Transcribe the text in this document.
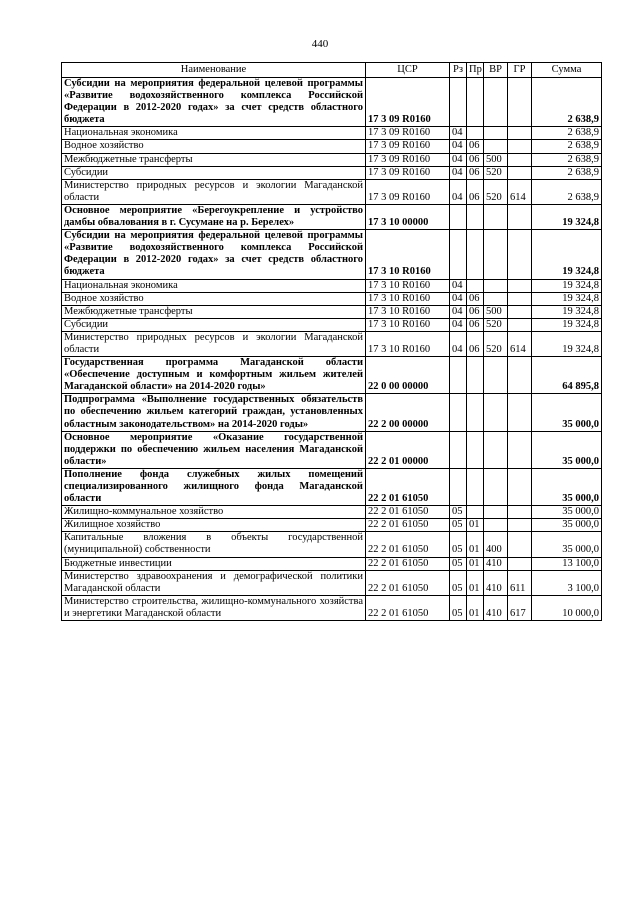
440
Наименование	ЦСР	Рз	Пр	ВР	ГР	Сумма
Субсидии на мероприятия федеральной целевой программы «Развитие водохозяйственного комплекса Российской Федерации в 2012-2020 годах» за счет средств областного бюджета	17 3 09 R0160					2 638,9
Национальная экономика	17 3 09 R0160	04				2 638,9
Водное хозяйство	17 3 09 R0160	04	06			2 638,9
Межбюджетные трансферты	17 3 09 R0160	04	06	500		2 638,9
Субсидии	17 3 09 R0160	04	06	520		2 638,9
Министерство природных ресурсов и экологии Магаданской области	17 3 09 R0160	04	06	520	614	2 638,9
Основное мероприятие «Берегоукрепление и устройство дамбы обвалования в г. Сусумане на р. Берелех»	17 3 10 00000					19 324,8
Субсидии на мероприятия федеральной целевой программы «Развитие водохозяйственного комплекса Российской Федерации в 2012-2020 годах» за счет средств областного бюджета	17 3 10 R0160					19 324,8
Национальная экономика	17 3 10 R0160	04				19 324,8
Водное хозяйство	17 3 10 R0160	04	06			19 324,8
Межбюджетные трансферты	17 3 10 R0160	04	06	500		19 324,8
Субсидии	17 3 10 R0160	04	06	520		19 324,8
Министерство природных ресурсов и экологии Магаданской области	17 3 10 R0160	04	06	520	614	19 324,8
Государственная программа Магаданской области «Обеспечение доступным и комфортным жильем жителей Магаданской области» на 2014-2020 годы»	22 0 00 00000					64 895,8
Подпрограмма «Выполнение государственных обязательств по обеспечению жильем категорий граждан, установленных областным законодательством» на 2014-2020 годы»	22 2 00 00000					35 000,0
Основное мероприятие «Оказание государственной поддержки по обеспечению жильем населения Магаданской области»	22 2 01 00000					35 000,0
Пополнение фонда служебных жилых помещений специализированного жилищного фонда Магаданской области	22 2 01 61050					35 000,0
Жилищно-коммунальное хозяйство	22 2 01 61050	05				35 000,0
Жилищное хозяйство	22 2 01 61050	05	01			35 000,0
Капитальные вложения в объекты государственной (муниципальной) собственности	22 2 01 61050	05	01	400		35 000,0
Бюджетные инвестиции	22 2 01 61050	05	01	410		13 100,0
Министерство здравоохранения и демографической политики Магаданской области	22 2 01 61050	05	01	410	611	3 100,0
Министерство строительства, жилищно-коммунального хозяйства и энергетики Магаданской области	22 2 01 61050	05	01	410	617	10 000,0
